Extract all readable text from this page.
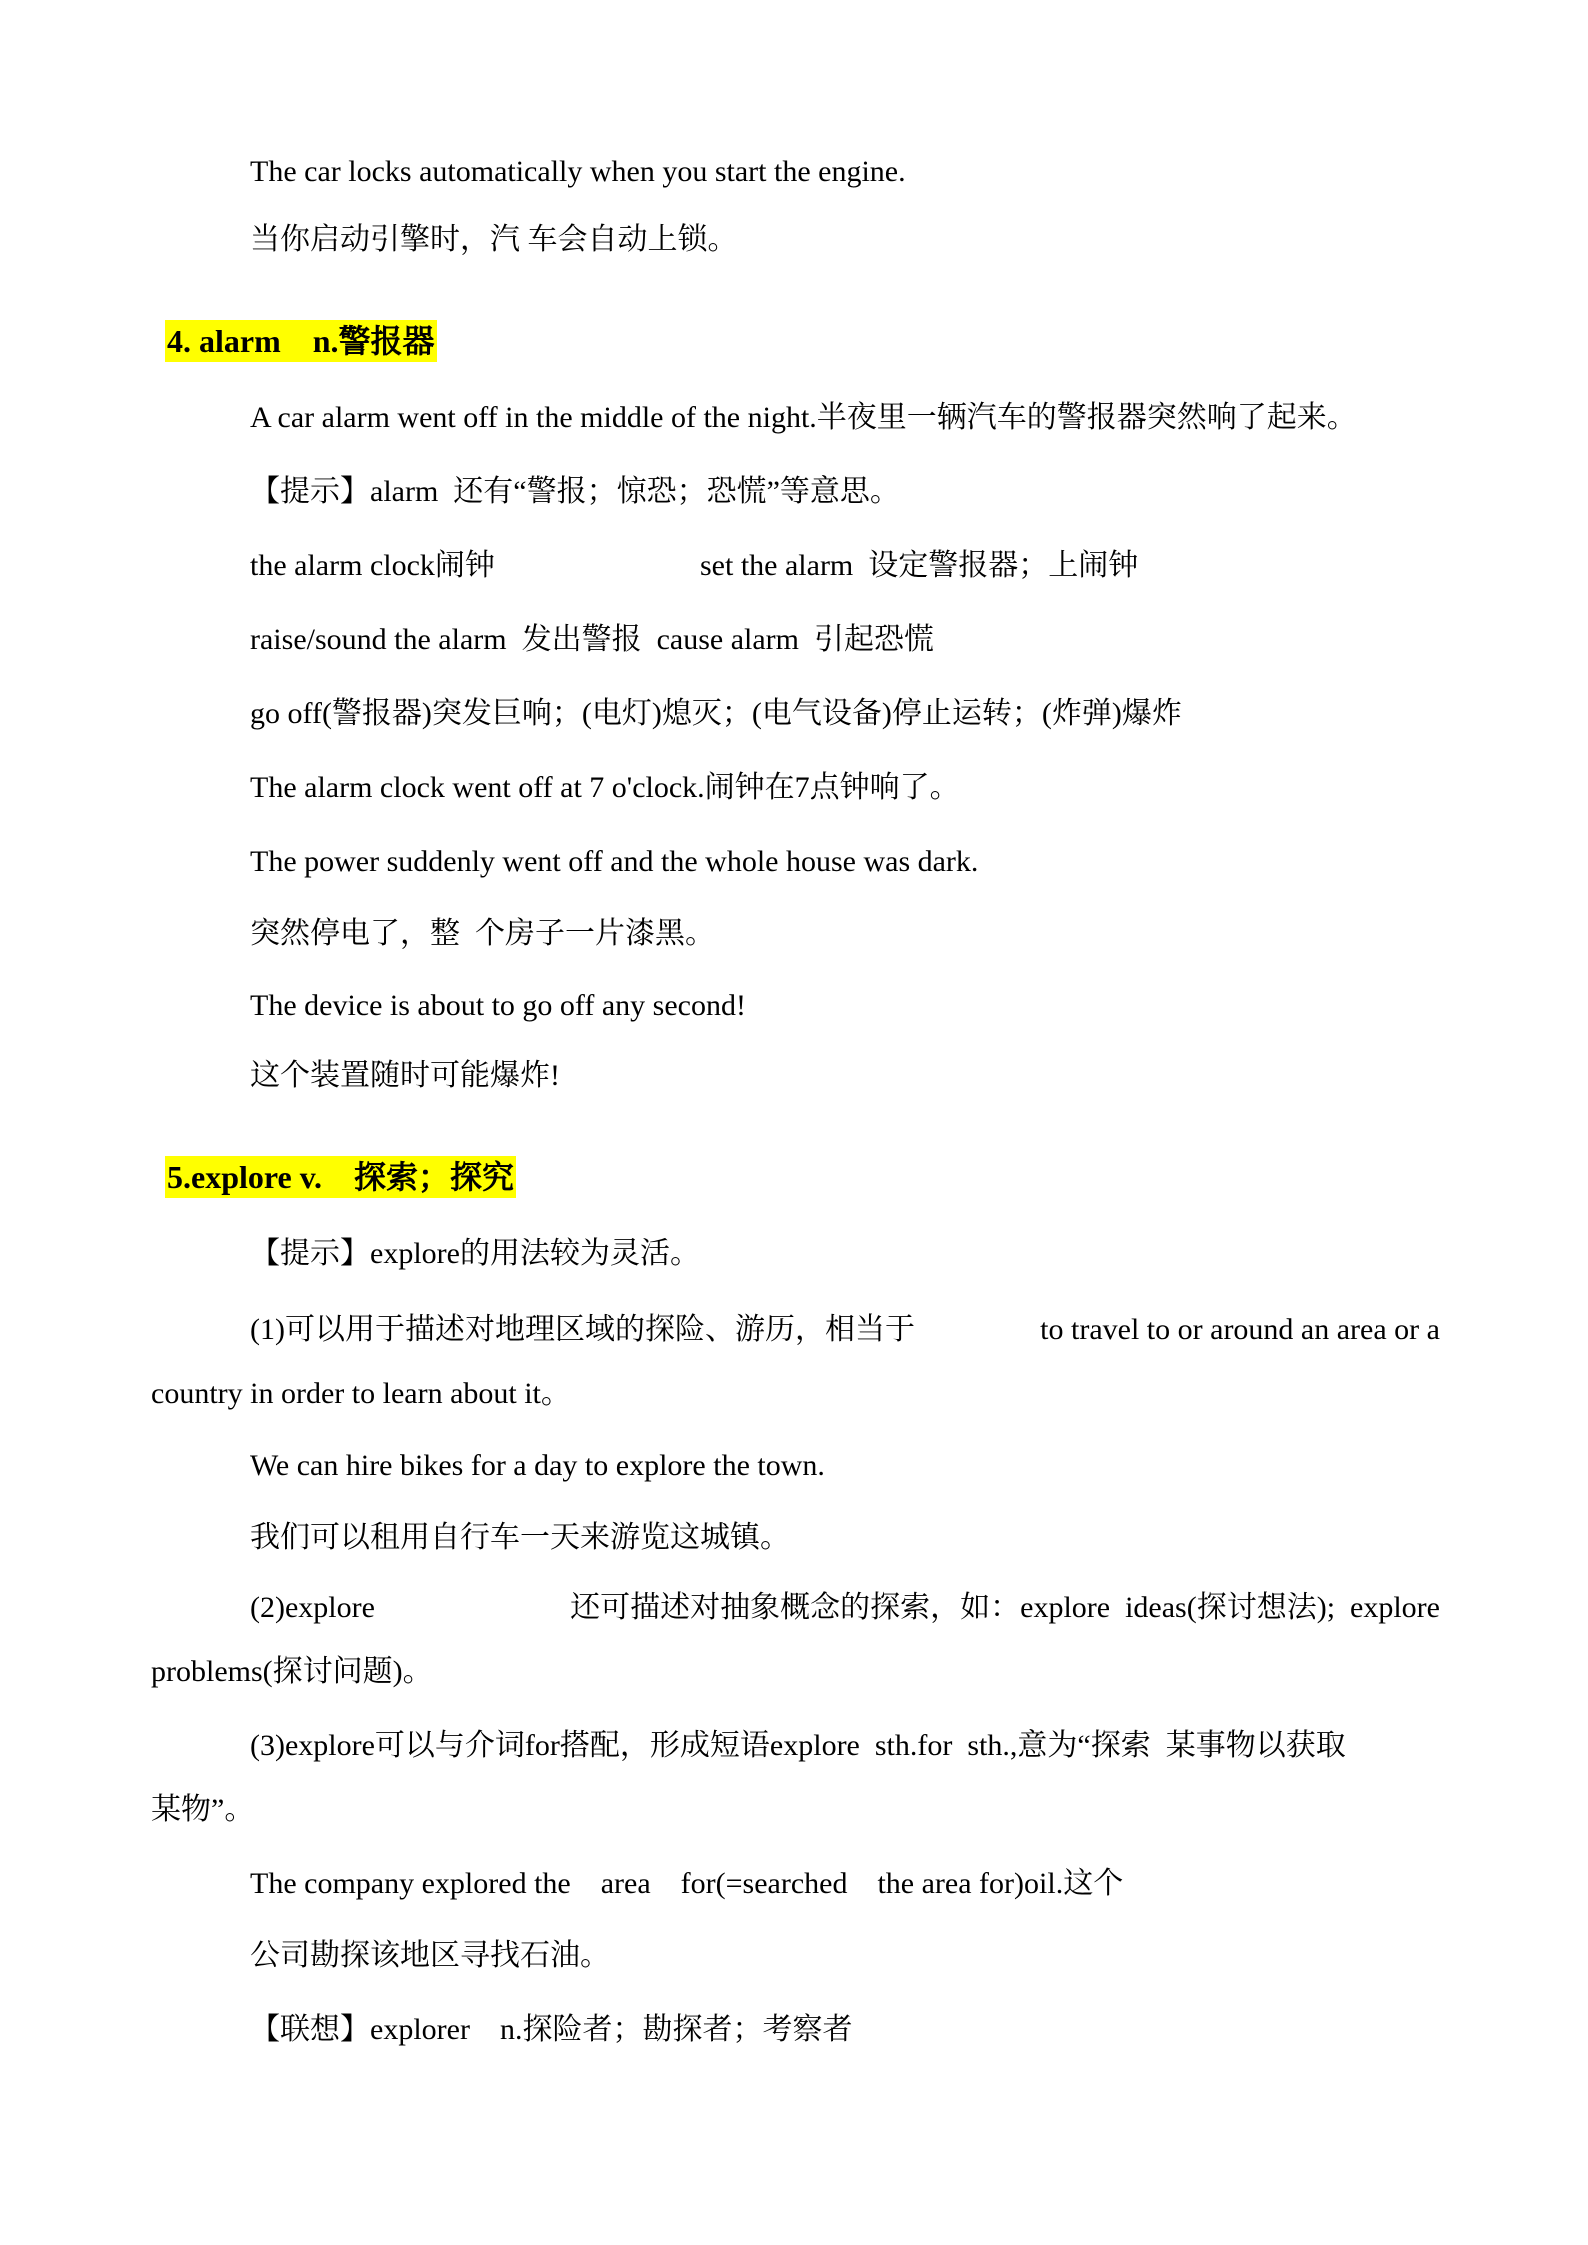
The car locks automatically when you start the engine.
当你启动引擎时，汽 车会自动上锁。
4. alarm    n.警报器
A car alarm went off in the middle of the night.半夜里一辆汽车的警报器突然响了起来。
【提示】alarm  还有“警报；惊恐；恐慌”等意思。
the alarm clock闹钟	set the alarm  设定警报器；上闹钟
raise/sound the alarm  发出警报  cause alarm  引起恐慌
go off(警报器)突发巨响；(电灯)熄灭；(电气设备)停止运转；(炸弹)爆炸
The alarm clock went off at 7 o'clock.闹钟在7点钟响了。
The power suddenly went off and the whole house was dark.
突然停电了，整  个房子一片漆黑。
The device is about to go off any second!
这个装置随时可能爆炸!
5.explore v.    探索；探究
【提示】explore的用法较为灵活。
(1)可以用于描述对地理区域的探险、游历，相当于	to travel to or around an area or a
country in order to learn about it。
We can hire bikes for a day to explore the town.
我们可以租用自行车一天来游览这城镇。
(2)explore	还可描述对抽象概念的探索，如：explore  ideas(探讨想法);  explore
problems(探讨问题)。
(3)explore可以与介词for搭配，形成短语explore  sth.for  sth.,意为“探索  某事物以获取
某物”。
The company explored the    area    for(=searched    the area for)oil.这个
公司勘探该地区寻找石油。
【联想】explorer    n.探险者；勘探者；考察者
